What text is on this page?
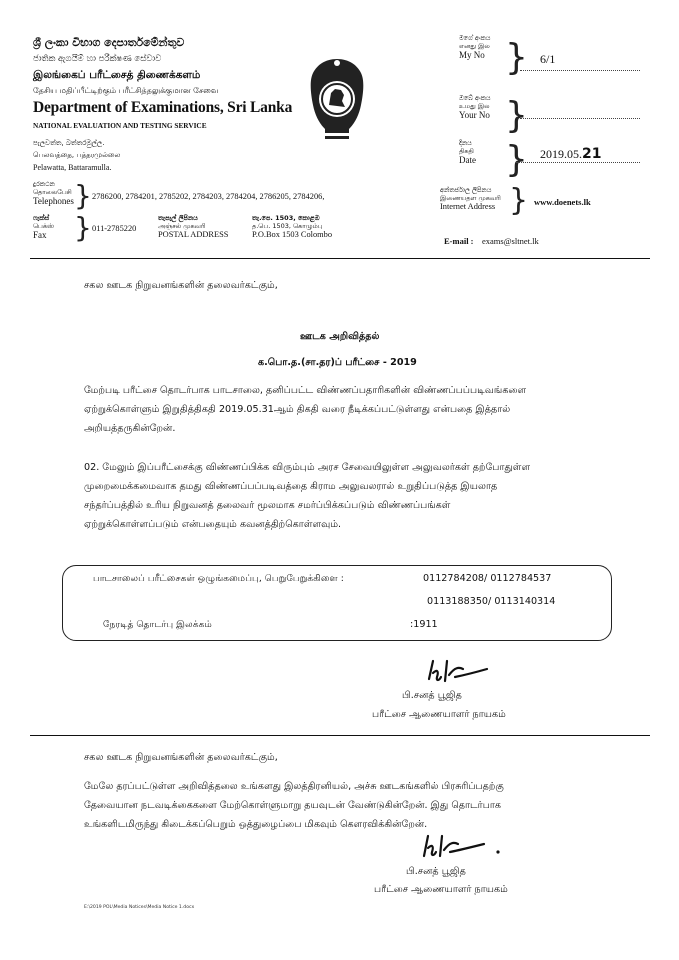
ශ්‍රී ලංකා විභාග දෙපාර්තමේන්තුව
ජාතික ඇගයීම් හා පරීක්ෂණ සේවාව
இலங்கைப் பரீட்சைத் திணைக்களம்
தேசிய மதிப்பீட்டிற்கும் பரீட்சித்தலுக்குமான சேவை
Department of Examinations, Sri Lanka
NATIONAL EVALUATION AND TESTING SERVICE
පැලවත්ත, බත්තරමුල්ල.
பெலவத்தை, பத்தரமுல்லை
Pelawatta, Battaramulla.
මගේ අංකය
எனது இல
My No } 6/1
ඔබේ අංකය
உமது இல
Your No }
දිනය
திகதி
Date } 2019.05.21
දුරකථන
தொலைபேசி
Telephones } 2786200, 2784201, 2785202, 2784203, 2784204, 2786205, 2784206,
ෆැක්ස්
பெக்ஸ்
Fax } 011-2785220
තැපැල් ලිපිනය
அஞ்சல் முகவரி
POSTAL ADDRESS
තැ.පෙ. 1503, කොළඹ
த.பெ. 1503, கொழும்பு
P.O.Box 1503 Colombo
අන්තර්ජාල ලිපිනය
இணையதள முகவரி
Internet Address } www.doenets.lk
E-mail : exams@sltnet.lk
சகல ஊடக நிறுவனங்களின் தலைவர்கட்கும்,
ஊடக அறிவித்தல்
க.பொ.த.(சா.தர)ப் பரீட்சை - 2019
மேற்படி பரீட்சை தொடர்பாக பாடசாலை, தனிப்பட்ட விண்ணப்பதாரிகளின் விண்ணப்பப்படிவங்களை
ஏற்றுக்கொள்ளும் இறுதித்திகதி 2019.05.31ஆம் திகதி வரை நீடிக்கப்பட்டுள்ளது என்பதை இத்தால்
அறியத்தருகின்றேன்.
02. மேலும் இப்பரீட்சைக்கு விண்ணப்பிக்க விரும்பும் அரச சேவையிலுள்ள அலுவலர்கள் தற்போதுள்ள
முறைமைக்கமைவாக தமது விண்ணப்பப்படிவத்தை கிராம அலுவலரால் உறுதிப்படுத்த இயலாத
சந்தர்ப்பத்தில் உரிய நிறுவனத் தலைவர் மூலமாக சமர்ப்பிக்கப்படும் விண்ணப்பங்கள்
ஏற்றுக்கொள்ளப்படும் என்பதையும் கவனத்திற்கொள்ளவும்.
பாடசாலைப் பரீட்சைகள் ஒழுங்கமைப்பு, பெறுபேறுக்கிளை :	0112784208/ 0112784537
0113188350/ 0113140314
நேரடித் தொடர்பு இலக்கம்	:1911
பி.சனத் பூஜித
பரீட்சை ஆணையாளர் நாயகம்
சகல ஊடக நிறுவனங்களின் தலைவர்கட்கும்,
மேலே தரப்பட்டுள்ள அறிவித்தலை உங்களது இலத்திரனியல், அச்சு ஊடகங்களில் பிரசுரிப்பதற்கு
தேவையான நடவடிக்கைகளை மேற்கொள்ளுமாறு தயவுடன் வேண்டுகின்றேன். இது தொடர்பாக
உங்களிடமிருந்து கிடைக்கப்பெறும் ஒத்துழைப்பை மிகவும் கௌரவிக்கின்றேன்.
பி.சனத் பூஜித
பரீட்சை ஆணையாளர் நாயகம்
E:\2019 POL\Media Notices\Media Notice 1.docx
